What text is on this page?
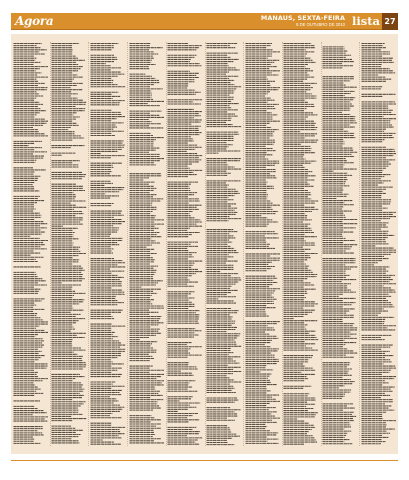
Agora	MANAUS, SEXTA-FEIRA
8 DE OUTUBRO DE 2010 lista 27
